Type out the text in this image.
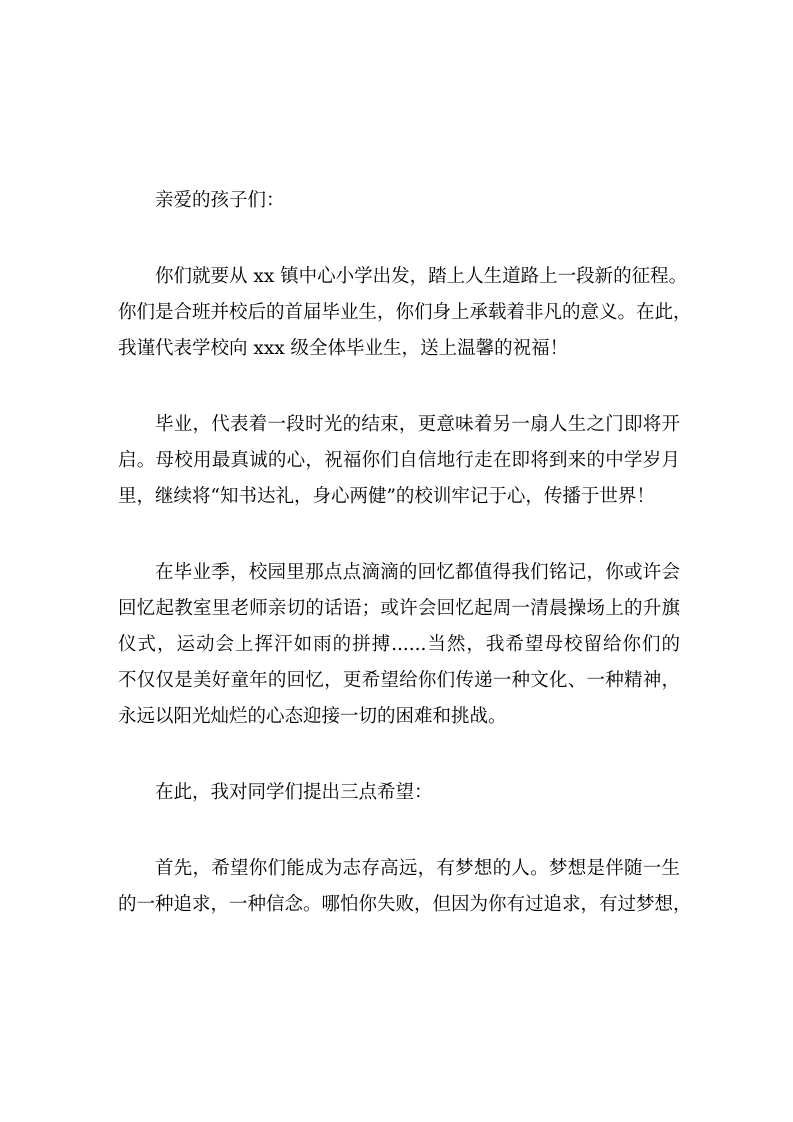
亲爱的孩子们：
你们就要从 xx 镇中心小学出发，踏上人生道路上一段新的征程。
你们是合班并校后的首届毕业生，你们身上承载着非凡的意义。在此，
我谨代表学校向 xxx 级全体毕业生，送上温馨的祝福！
毕业，代表着一段时光的结束，更意味着另一扇人生之门即将开
启。母校用最真诚的心，祝福你们自信地行走在即将到来的中学岁月
里，继续将“知书达礼，身心两健”的校训牢记于心，传播于世界！
在毕业季，校园里那点点滴滴的回忆都值得我们铭记，你或许会
回忆起教室里老师亲切的话语；或许会回忆起周一清晨操场上的升旗
仪式，运动会上挥汗如雨的拼搏......当然，我希望母校留给你们的
不仅仅是美好童年的回忆，更希望给你们传递一种文化、一种精神，
永远以阳光灿烂的心态迎接一切的困难和挑战。
在此，我对同学们提出三点希望：
首先，希望你们能成为志存高远，有梦想的人。梦想是伴随一生
的一种追求，一种信念。哪怕你失败，但因为你有过追求，有过梦想，
